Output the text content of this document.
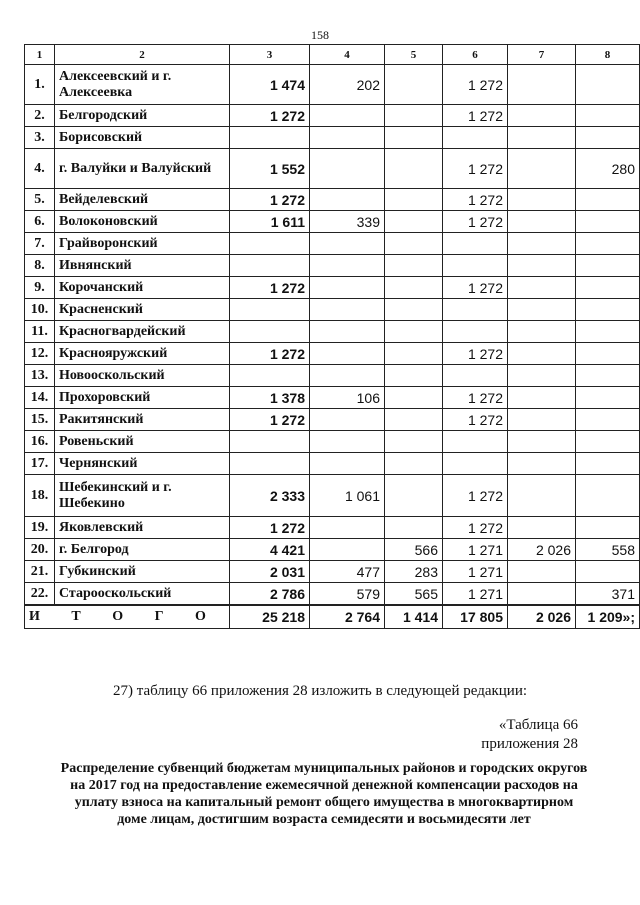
158
1	2	3	4	5	6	7	8
1.	Алексеевский и г. Алексеевка	1 474	202		1 272		
2.	Белгородский	1 272			1 272		
3.	Борисовский						
4.	г. Валуйки и Валуйский	1 552			1 272		280
5.	Вейделевский	1 272			1 272		
6.	Волоконовский	1 611	339		1 272		
7.	Грайворонский						
8.	Ивнянский						
9.	Корочанский	1 272			1 272		
10.	Красненский						
11.	Красногвардейский						
12.	Краснояружский	1 272			1 272		
13.	Новооскольский						
14.	Прохоровский	1 378	106		1 272		
15.	Ракитянский	1 272			1 272		
16.	Ровеньский						
17.	Чернянский						
18.	Шебекинский и г. Шебекино	2 333	1 061		1 272		
19.	Яковлевский	1 272			1 272		
20.	г. Белгород	4 421		566	1 271	2 026	558
21.	Губкинский	2 031	477	283	1 271		
22.	Старооскольский	2 786	579	565	1 271		371
И Т О Г О		25 218	2 764	1 414	17 805	2 026	1 209»;
27) таблицу 66 приложения 28 изложить в следующей редакции:
«Таблица 66
приложения 28
Распределение субвенций бюджетам муниципальных районов и городских округов на 2017 год на предоставление ежемесячной денежной компенсации расходов на уплату взноса на капитальный ремонт общего имущества в многоквартирном доме лицам, достигшим возраста семидесяти и восьмидесяти лет
